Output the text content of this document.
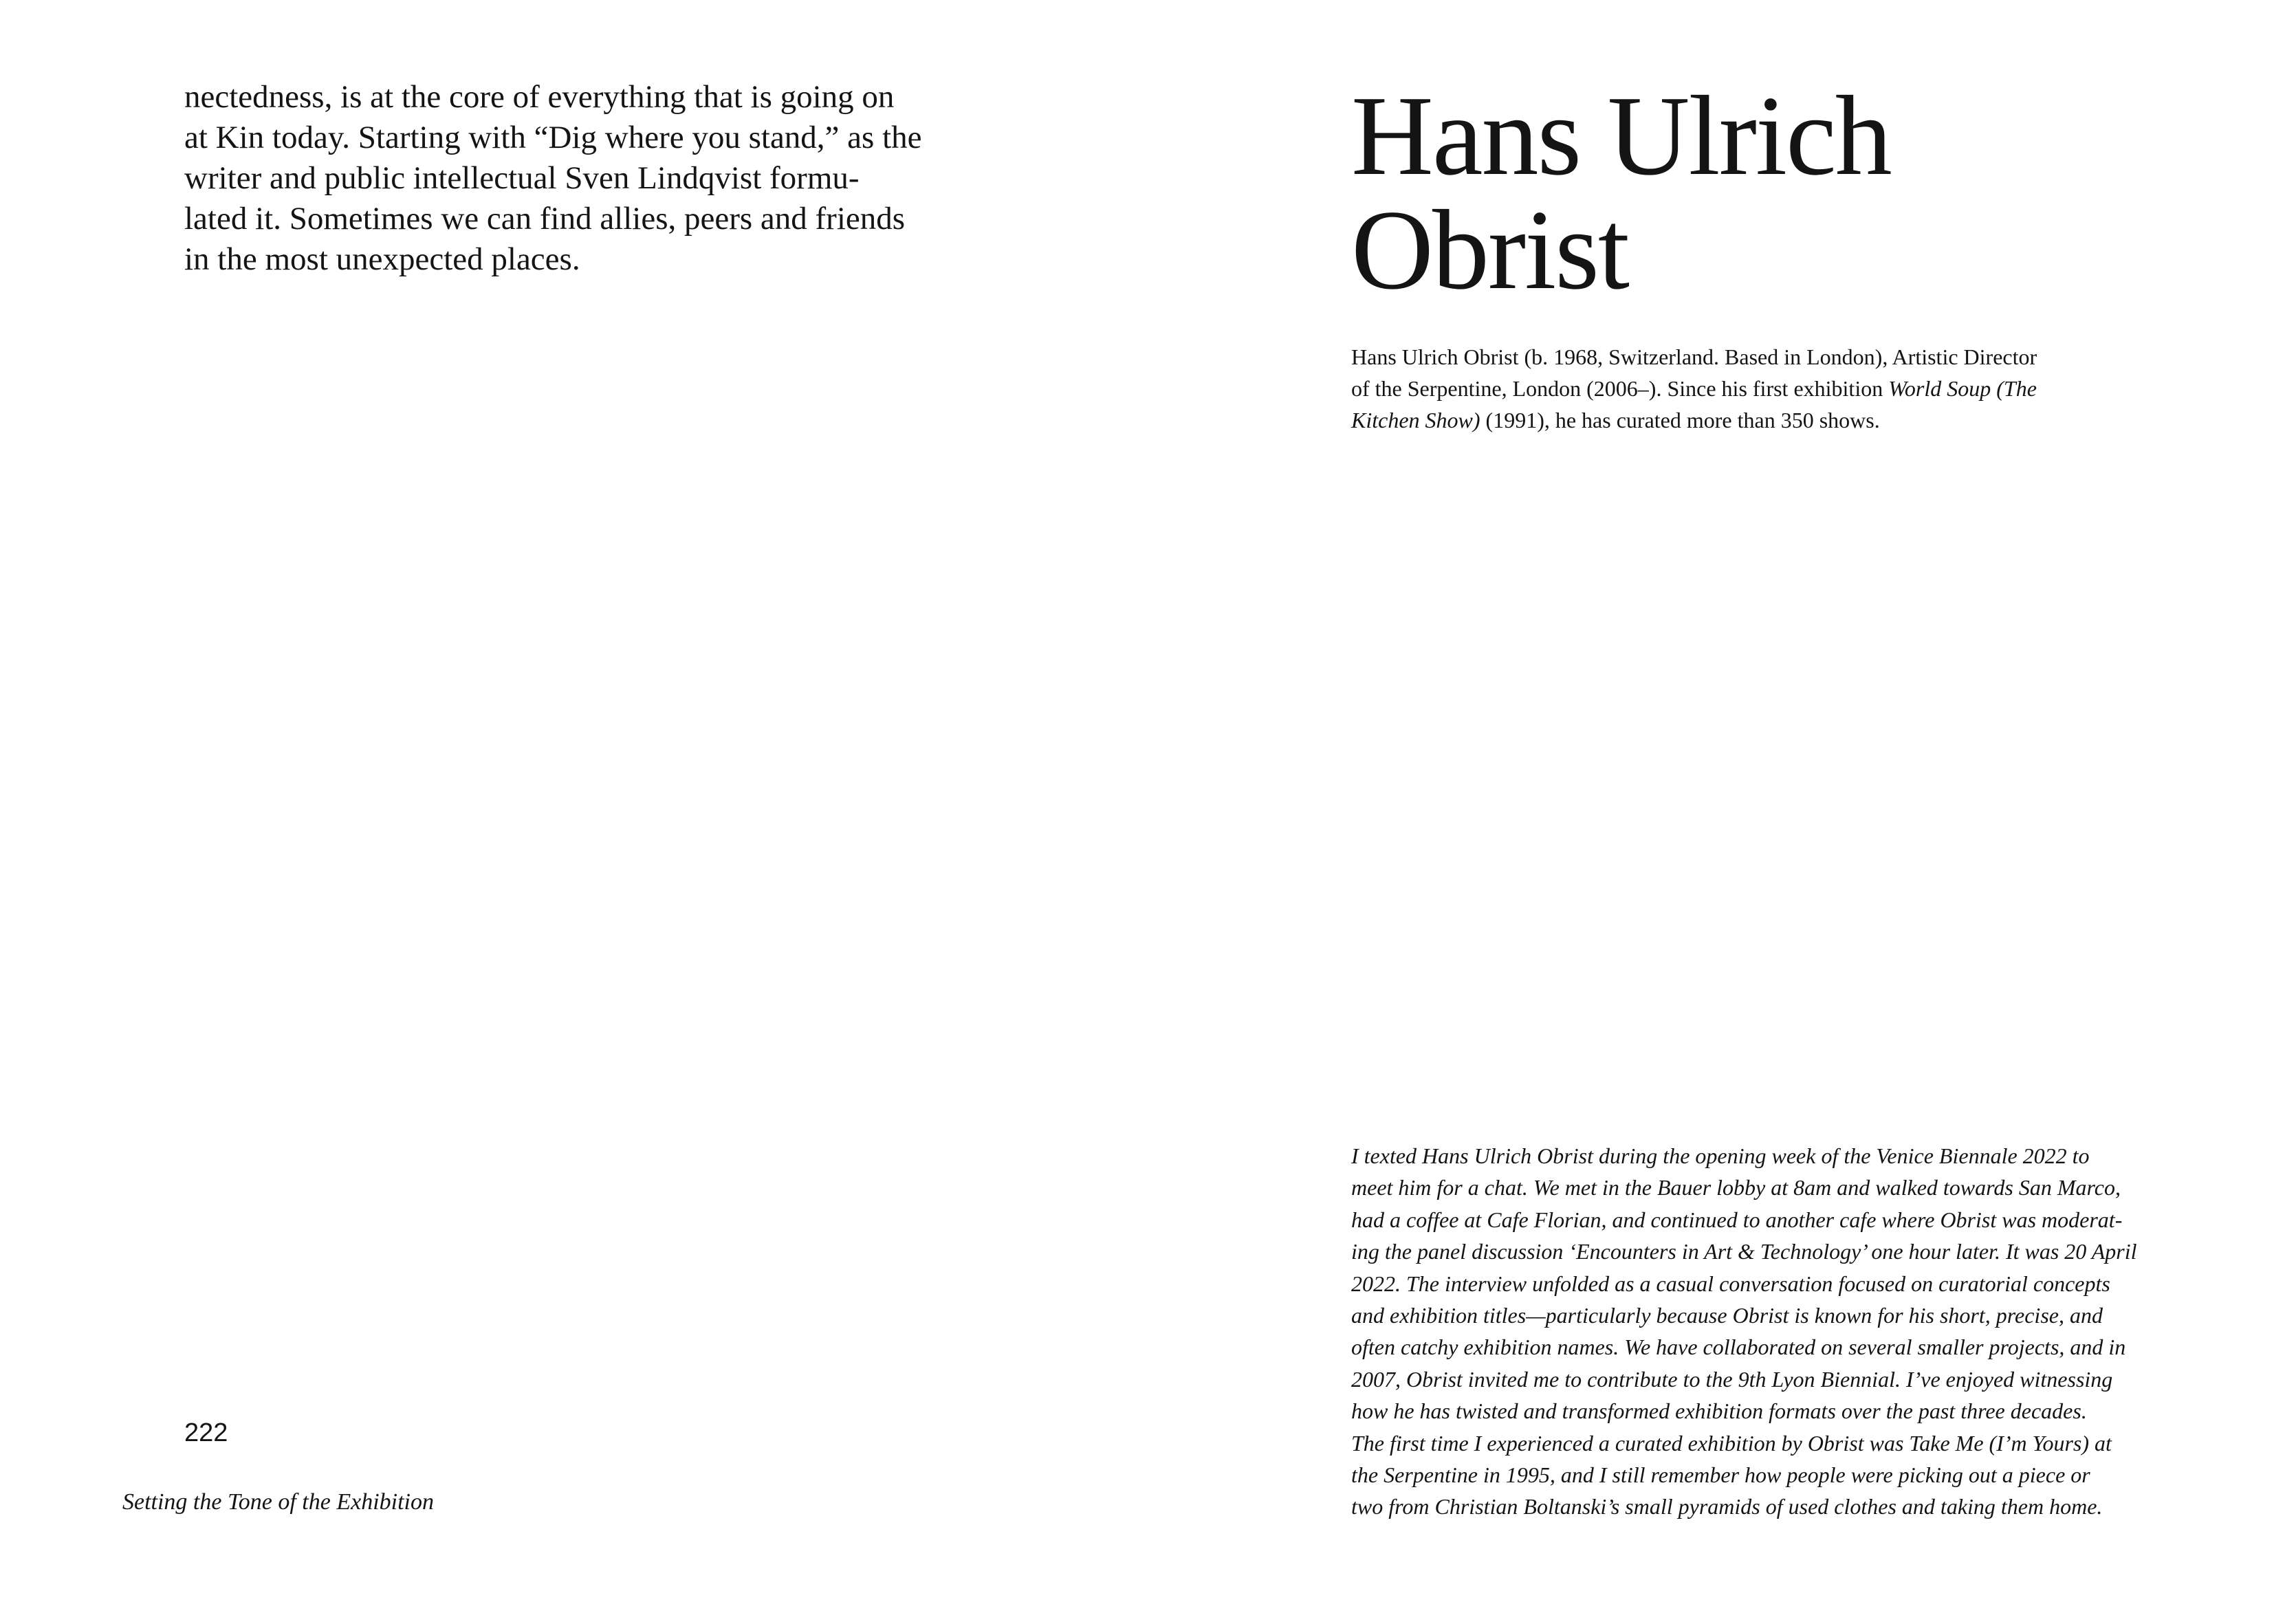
nectedness, is at the core of everything that is going on
at Kin today. Starting with “Dig where you stand,” as the
writer and public intellectual Sven Lindqvist formu-
lated it. Sometimes we can find allies, peers and friends
in the most unexpected places.

222

Setting the Tone of the Exhibition

Hans Ulrich
Obrist

Hans Ulrich Obrist (b. 1968, Switzerland. Based in London), Artistic Director
of the Serpentine, London (2006–). Since his first exhibition World Soup (The
Kitchen Show) (1991), he has curated more than 350 shows.

I texted Hans Ulrich Obrist during the opening week of the Venice Biennale 2022 to
meet him for a chat. We met in the Bauer lobby at 8am and walked towards San Marco,
had a coffee at Cafe Florian, and continued to another cafe where Obrist was moderat-
ing the panel discussion ‘Encounters in Art & Technology’ one hour later. It was 20 April
2022. The interview unfolded as a casual conversation focused on curatorial concepts
and exhibition titles—particularly because Obrist is known for his short, precise, and
often catchy exhibition names. We have collaborated on several smaller projects, and in
2007, Obrist invited me to contribute to the 9th Lyon Biennial. I’ve enjoyed witnessing
how he has twisted and transformed exhibition formats over the past three decades.
The first time I experienced a curated exhibition by Obrist was Take Me (I’m Yours) at
the Serpentine in 1995, and I still remember how people were picking out a piece or
two from Christian Boltanski’s small pyramids of used clothes and taking them home.
